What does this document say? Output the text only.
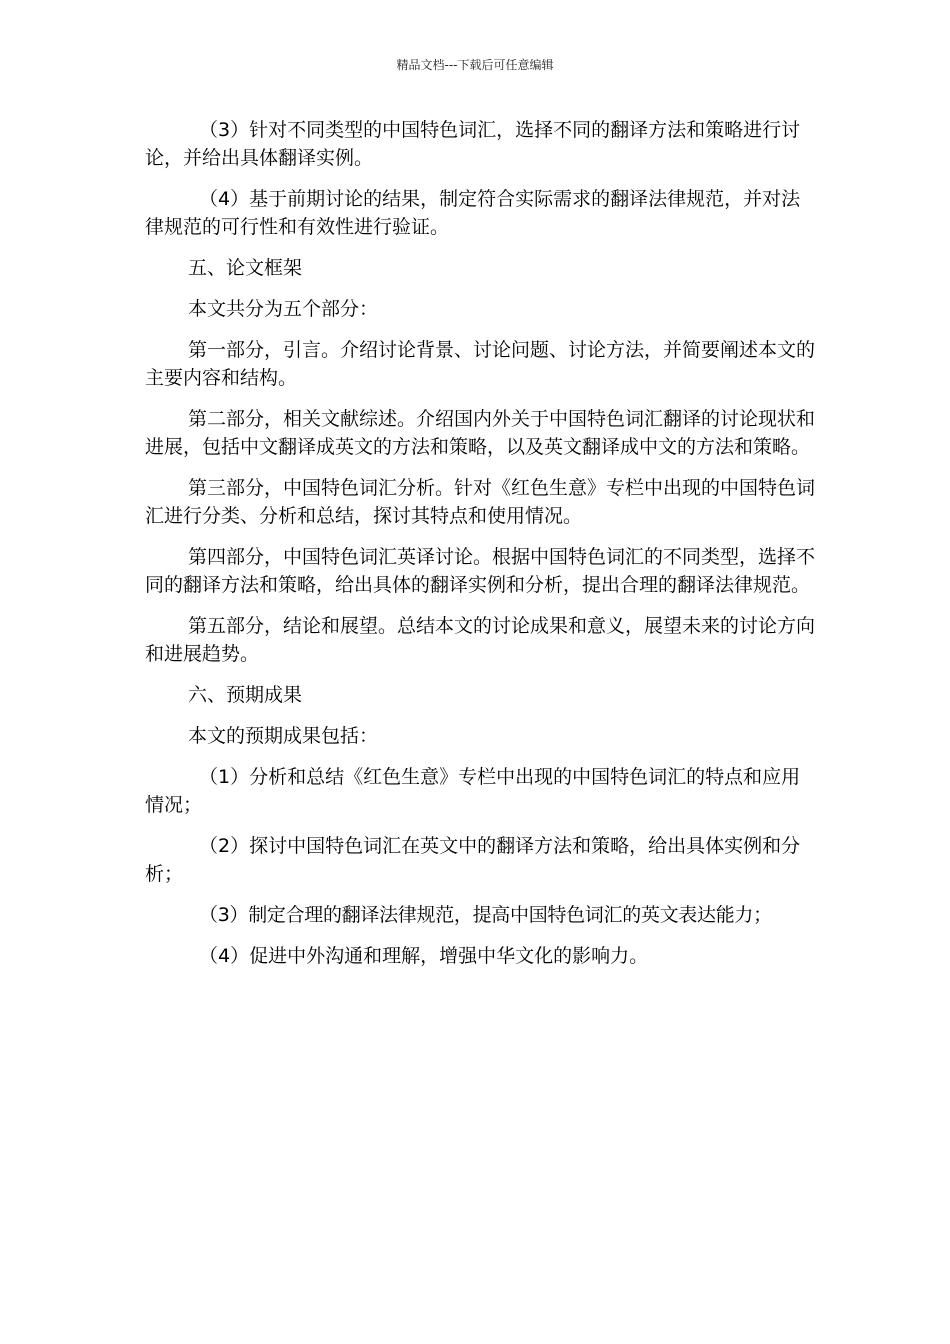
精品文档---下载后可任意编辑

（3）针对不同类型的中国特色词汇，选择不同的翻译方法和策略进行讨论，并给出具体翻译实例。

（4）基于前期讨论的结果，制定符合实际需求的翻译法律规范，并对法律规范的可行性和有效性进行验证。

五、论文框架

本文共分为五个部分：

第一部分，引言。介绍讨论背景、讨论问题、讨论方法，并简要阐述本文的主要内容和结构。

第二部分，相关文献综述。介绍国内外关于中国特色词汇翻译的讨论现状和进展，包括中文翻译成英文的方法和策略，以及英文翻译成中文的方法和策略。

第三部分，中国特色词汇分析。针对《红色生意》专栏中出现的中国特色词汇进行分类、分析和总结，探讨其特点和使用情况。

第四部分，中国特色词汇英译讨论。根据中国特色词汇的不同类型，选择不同的翻译方法和策略，给出具体的翻译实例和分析，提出合理的翻译法律规范。

第五部分，结论和展望。总结本文的讨论成果和意义，展望未来的讨论方向和进展趋势。

六、预期成果

本文的预期成果包括：

（1）分析和总结《红色生意》专栏中出现的中国特色词汇的特点和应用情况；

（2）探讨中国特色词汇在英文中的翻译方法和策略，给出具体实例和分析；

（3）制定合理的翻译法律规范，提高中国特色词汇的英文表达能力；

（4）促进中外沟通和理解，增强中华文化的影响力。
